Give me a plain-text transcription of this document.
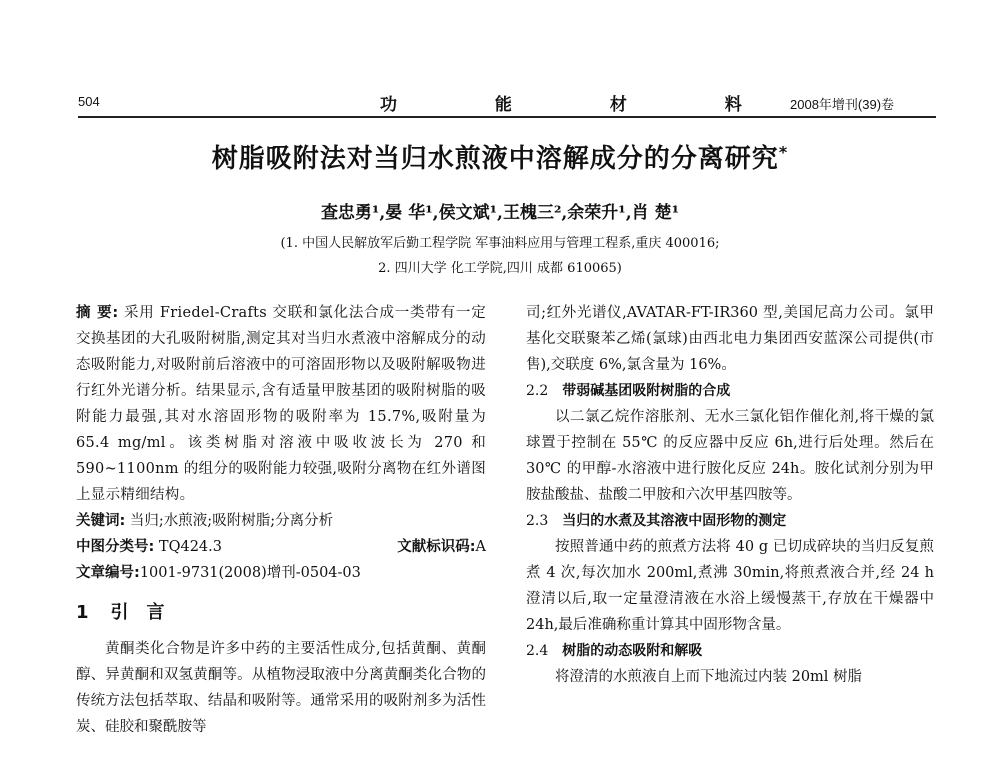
504	功 能 材 料 2008年增刊(39)卷
树脂吸附法对当归水煎液中溶解成分的分离研究*
查忠勇¹,晏 华¹,侯文斌¹,王槐三²,余荣升¹,肖 楚¹
(1. 中国人民解放军后勤工程学院 军事油料应用与管理工程系,重庆 400016;
2. 四川大学 化工学院,四川 成都 610065)

摘 要: 采用 Friedel-Crafts 交联和氯化法合成一类带有一定交换基团的大孔吸附树脂,测定其对当归水煮液中溶解成分的动态吸附能力,对吸附前后溶液中的可溶固形物以及吸附解吸物进行红外光谱分析。结果显示,含有适量甲胺基团的吸附树脂的吸附能力最强,其对水溶固形物的吸附率为 15.7%,吸附量为 65.4 mg/ml。该类树脂对溶液中吸收波长为 270 和 590~1100nm 的组分的吸附能力较强,吸附分离物在红外谱图上显示精细结构。

关键词: 当归;水煎液;吸附树脂;分离分析

中图分类号: TQ424.3	文献标识码:A

文章编号:1001-9731(2008)增刊-0504-03

1 引言

黄酮类化合物是许多中药的主要活性成分,包括黄酮、黄酮醇、异黄酮和双氢黄酮等。从植物浸取液中分离黄酮类化合物的传统方法包括萃取、结晶和吸附等。通常采用的吸附剂多为活性炭、硅胶和聚酰胺等

司;红外光谱仪,AVATAR-FT-IR360 型,美国尼高力公司。氯甲基化交联聚苯乙烯(氯球)由西北电力集团西安蓝深公司提供(市售),交联度 6%,氯含量为 16%。

2.2 带弱碱基团吸附树脂的合成

以二氯乙烷作溶胀剂、无水三氯化铝作催化剂,将干燥的氯球置于控制在 55℃ 的反应器中反应 6h,进行后处理。然后在 30℃ 的甲醇-水溶液中进行胺化反应 24h。胺化试剂分别为甲胺盐酸盐、盐酸二甲胺和六次甲基四胺等。

2.3 当归的水煮及其溶液中固形物的测定

按照普通中药的煎煮方法将 40 g 已切成碎块的当归反复煎煮 4 次,每次加水 200ml,煮沸 30min,将煎煮液合并,经 24 h 澄清以后,取一定量澄清液在水浴上缓慢蒸干,存放在干燥器中 24h,最后准确称重计算其中固形物含量。

2.4 树脂的动态吸附和解吸

将澄清的水煎液自上而下地流过内装 20ml 树脂
